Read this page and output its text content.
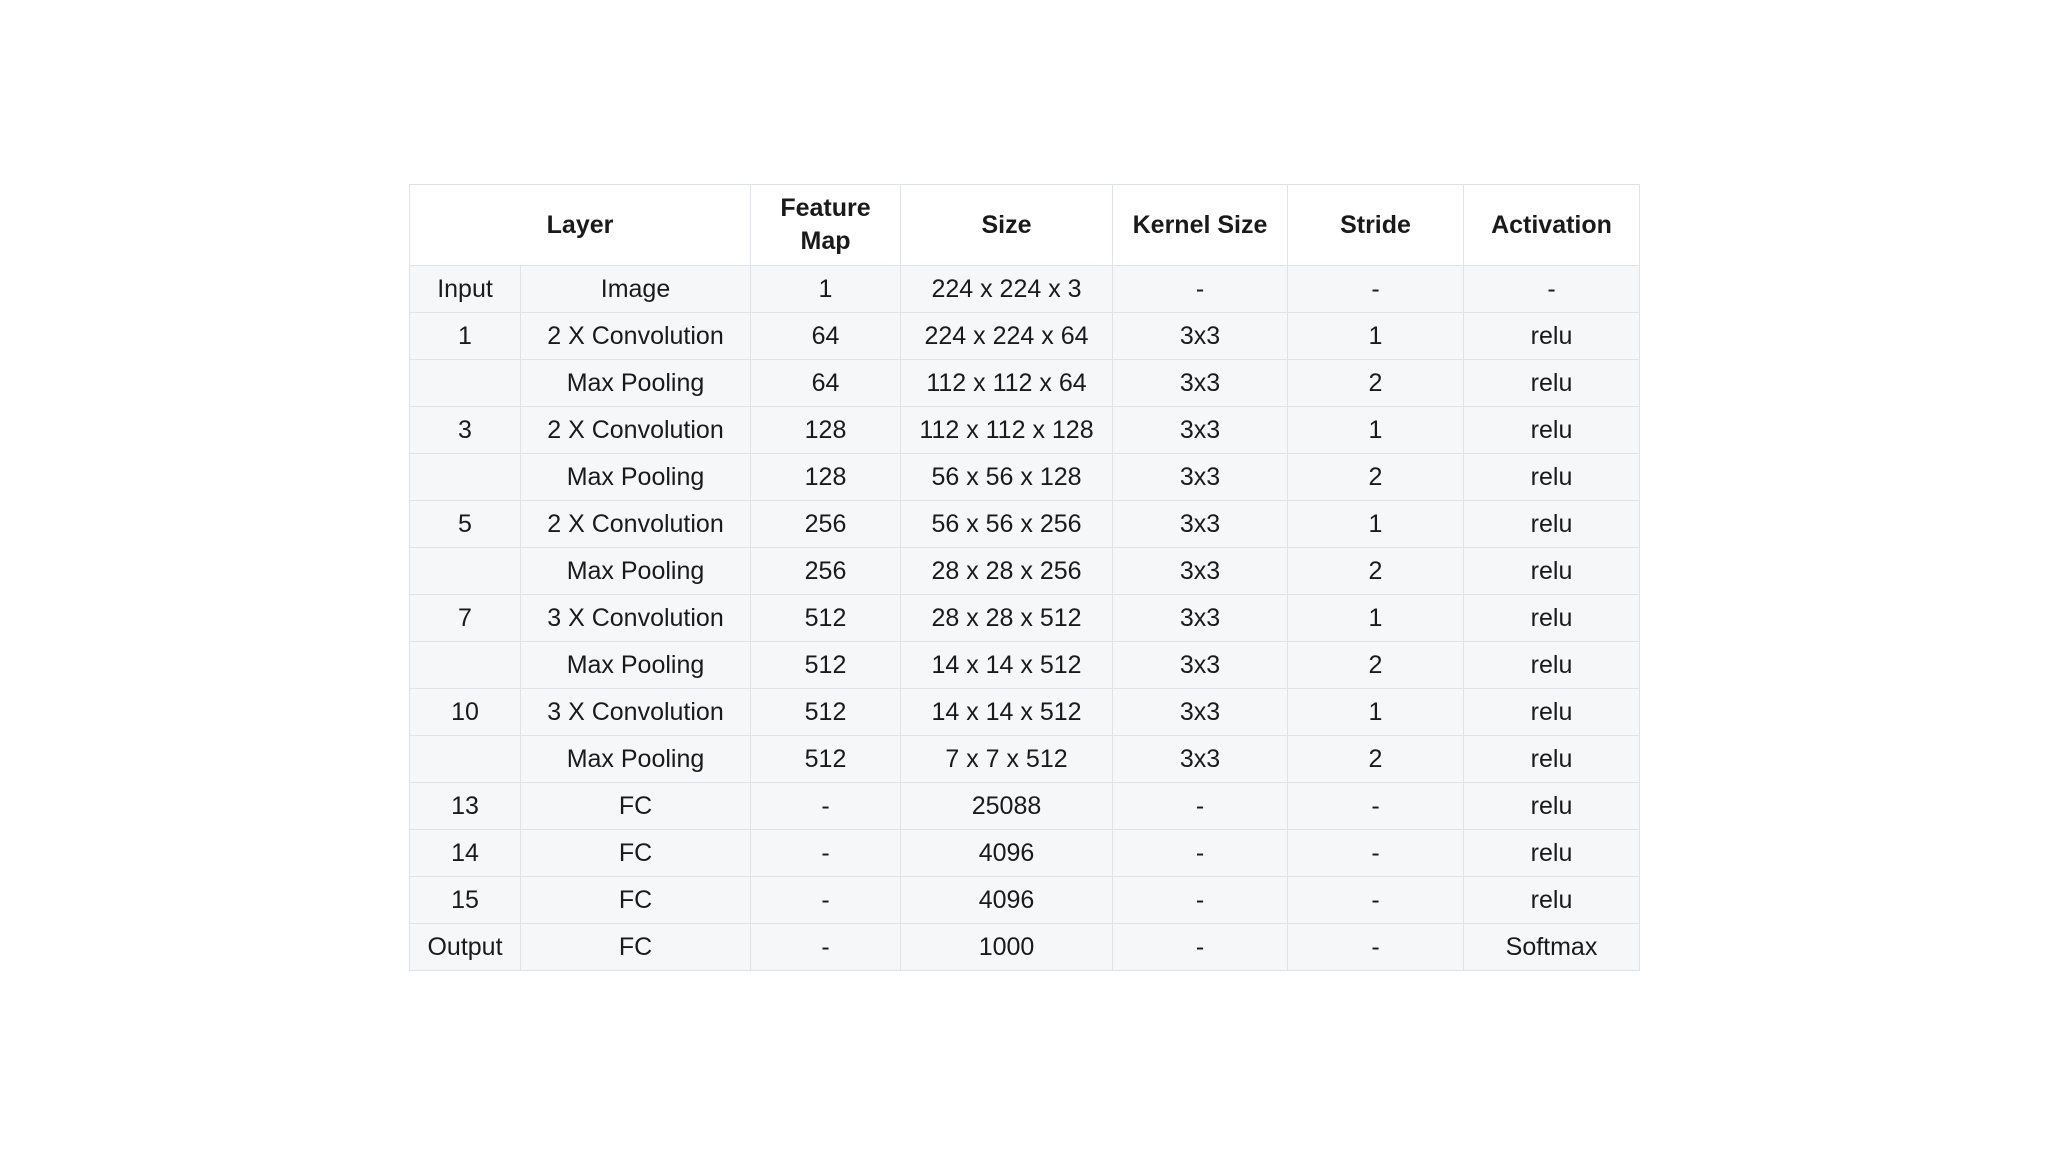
Layer		Feature Map	Size	Kernel Size	Stride	Activation
Input	Image	1	224 x 224 x 3	-	-	-
1	2 X Convolution	64	224 x 224 x 64	3x3	1	relu
	Max Pooling	64	112 x 112 x 64	3x3	2	relu
3	2 X Convolution	128	112 x 112 x 128	3x3	1	relu
	Max Pooling	128	56 x 56 x 128	3x3	2	relu
5	2 X Convolution	256	56 x 56 x 256	3x3	1	relu
	Max Pooling	256	28 x 28 x 256	3x3	2	relu
7	3 X Convolution	512	28 x 28 x 512	3x3	1	relu
	Max Pooling	512	14 x 14 x 512	3x3	2	relu
10	3 X Convolution	512	14 x 14 x 512	3x3	1	relu
	Max Pooling	512	7 x 7 x 512	3x3	2	relu
13	FC	-	25088	-	-	relu
14	FC	-	4096	-	-	relu
15	FC	-	4096	-	-	relu
Output	FC	-	1000	-	-	Softmax
